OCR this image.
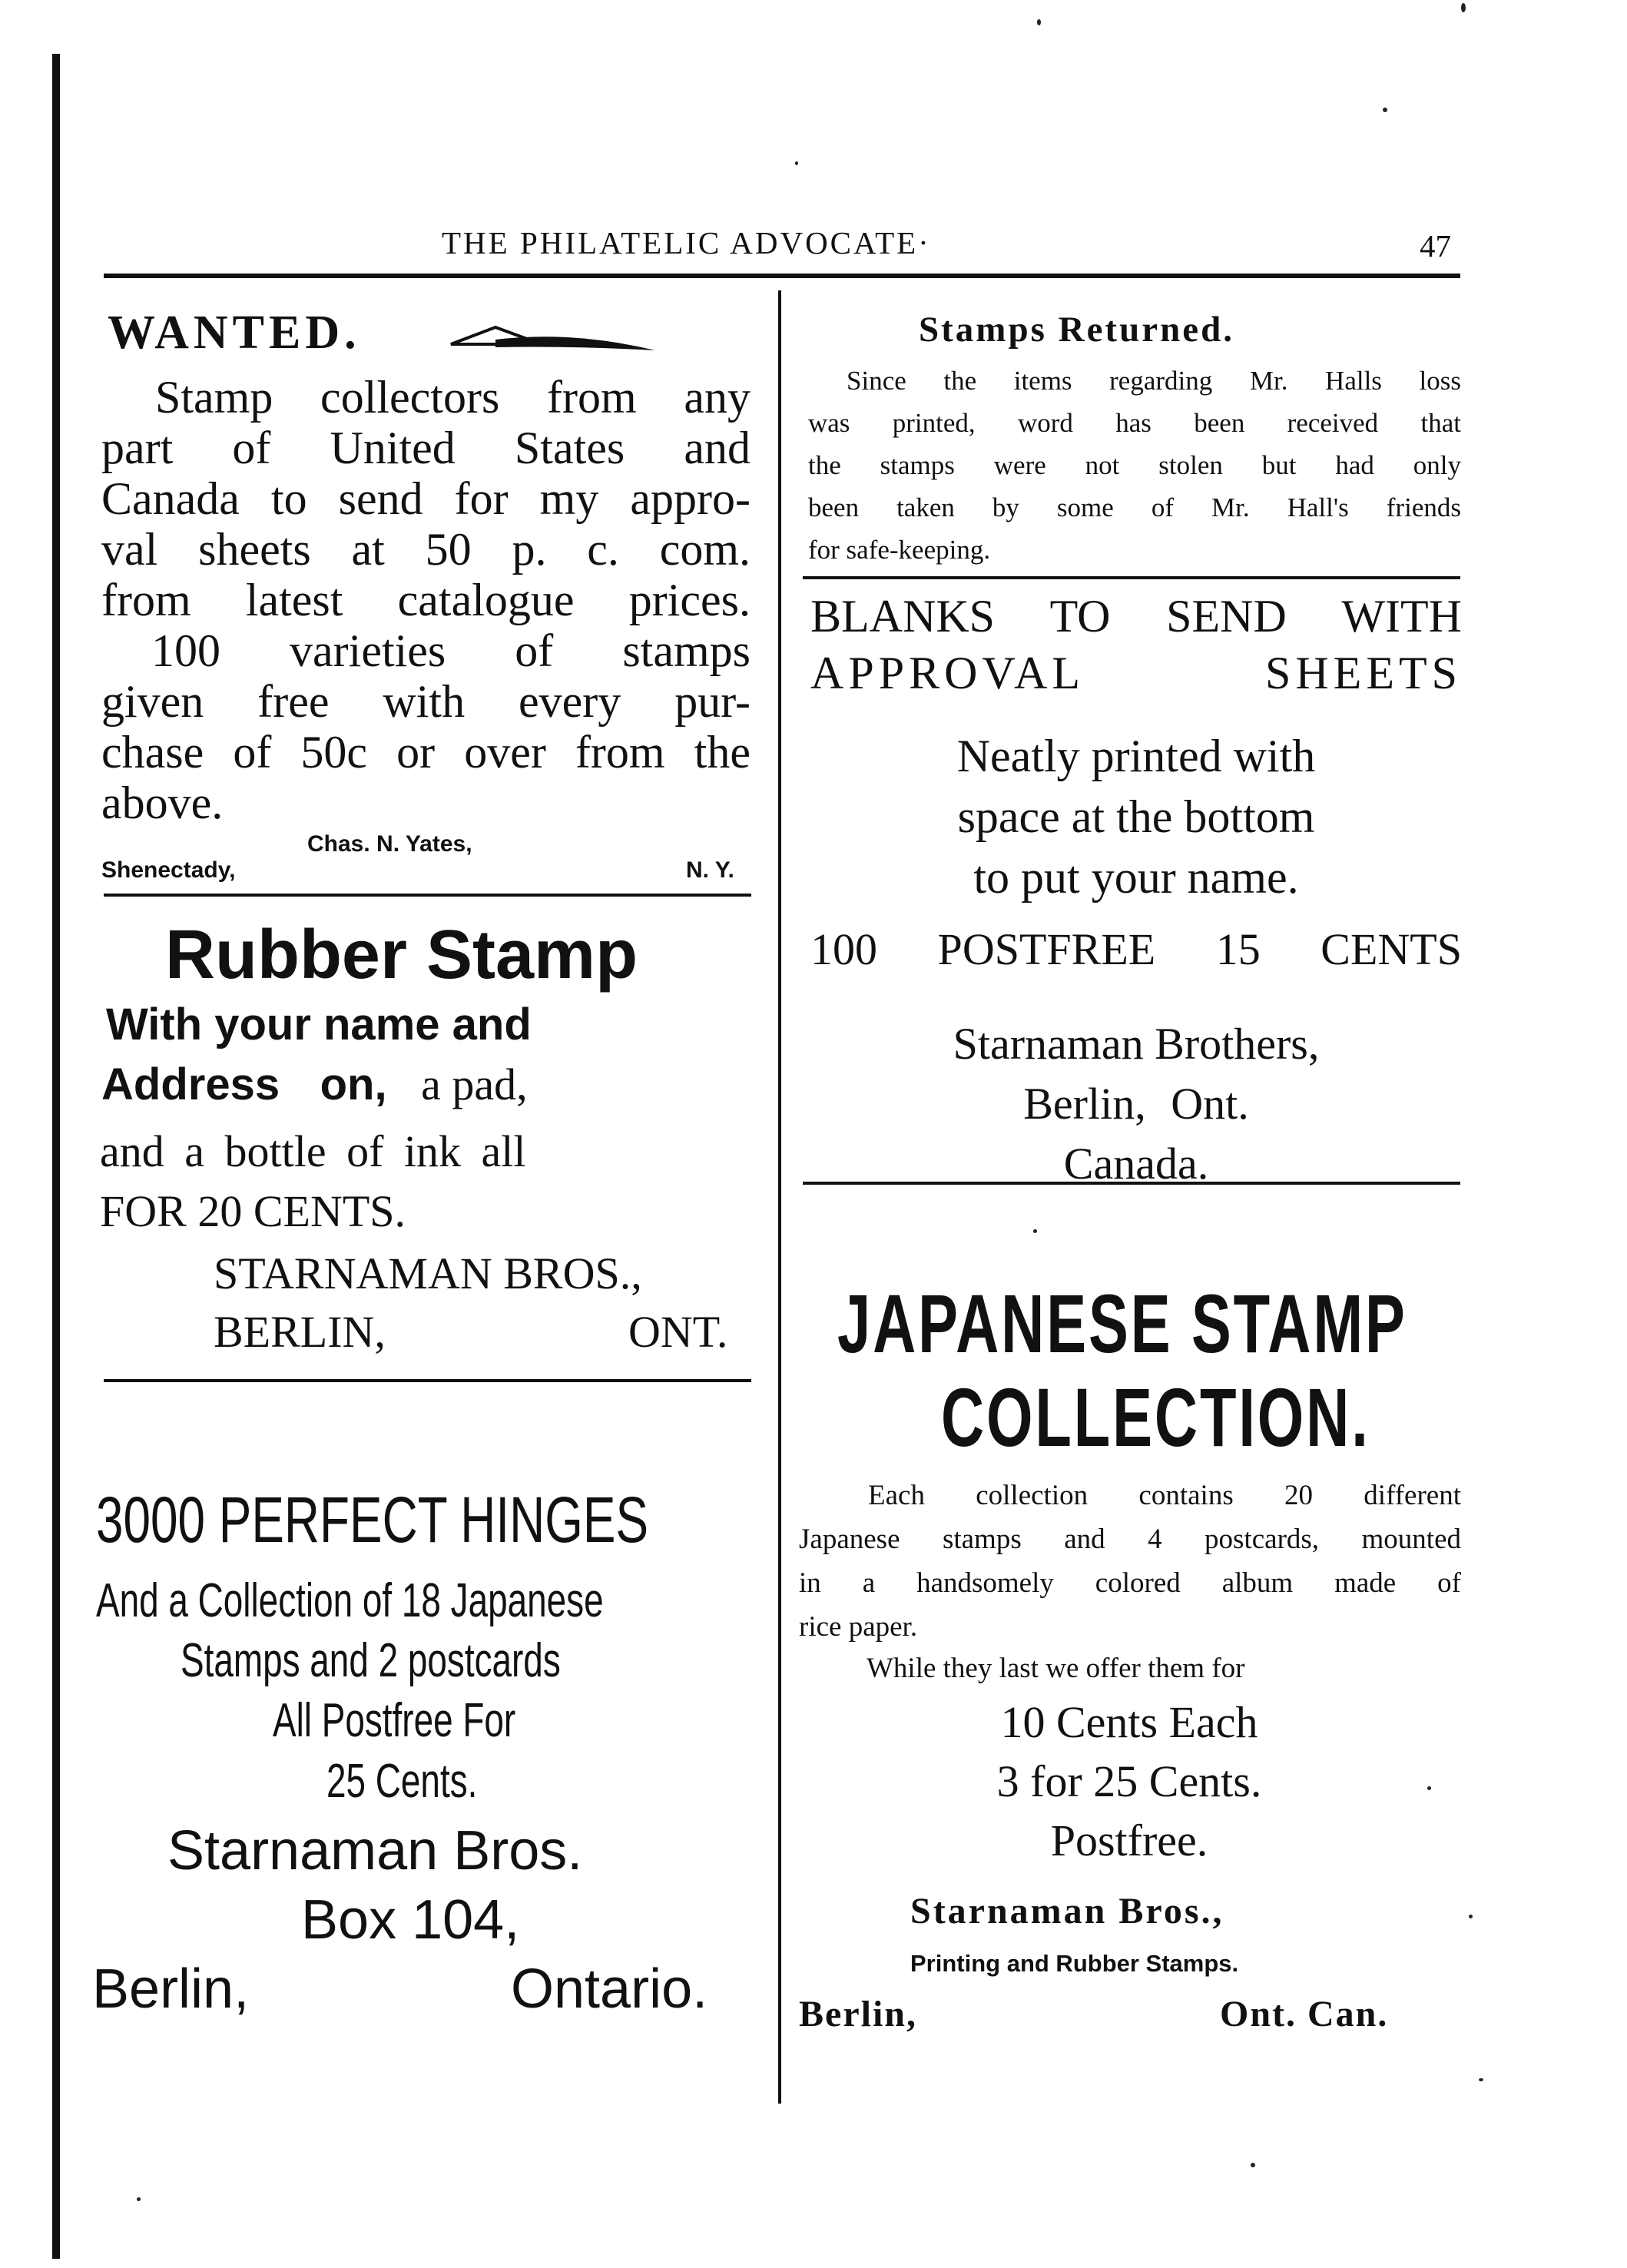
THE PHILATELIC ADVOCATE·	47
WANTED.
Stamp collectors from any
part of United States and
Canada to send for my appro-
val sheets at 50 p. c. com.
from latest catalogue prices.
100 varieties of stamps
given free with every pur-
chase of 50c or over from the
above.
Chas. N. Yates,
Shenectady,	N. Y.
Rubber Stamp
With your name and
Address on, a pad,
and a bottle of ink all
FOR 20 CENTS.
STARNAMAN BROS.,
BERLIN,	ONT.
3000 PERFECT HINGES
And a Collection of 18 Japanese
Stamps and 2 postcards
All Postfree For
25 Cents.
Starnaman Bros.
Box 104,
Berlin,	Ontario.
Stamps Returned.
Since the items regarding Mr. Halls loss
was printed, word has been received that
the stamps were not stolen but had only
been taken by some of Mr. Hall's friends
for safe-keeping.
BLANKS TO SEND WITH
APPROVAL SHEETS
Neatly printed with
space at the bottom
to put your name.
100 POSTFREE 15 CENTS
Starnaman Brothers,
Berlin, Ont.
Canada.
JAPANESE STAMP
COLLECTION.
Each collection contains 20 different
Japanese stamps and 4 postcards, mounted
in a handsomely colored album made of
rice paper.
While they last we offer them for
10 Cents Each
3 for 25 Cents.
Postfree.
Starnaman Bros.,
Printing and Rubber Stamps.
Berlin,	Ont. Can.
